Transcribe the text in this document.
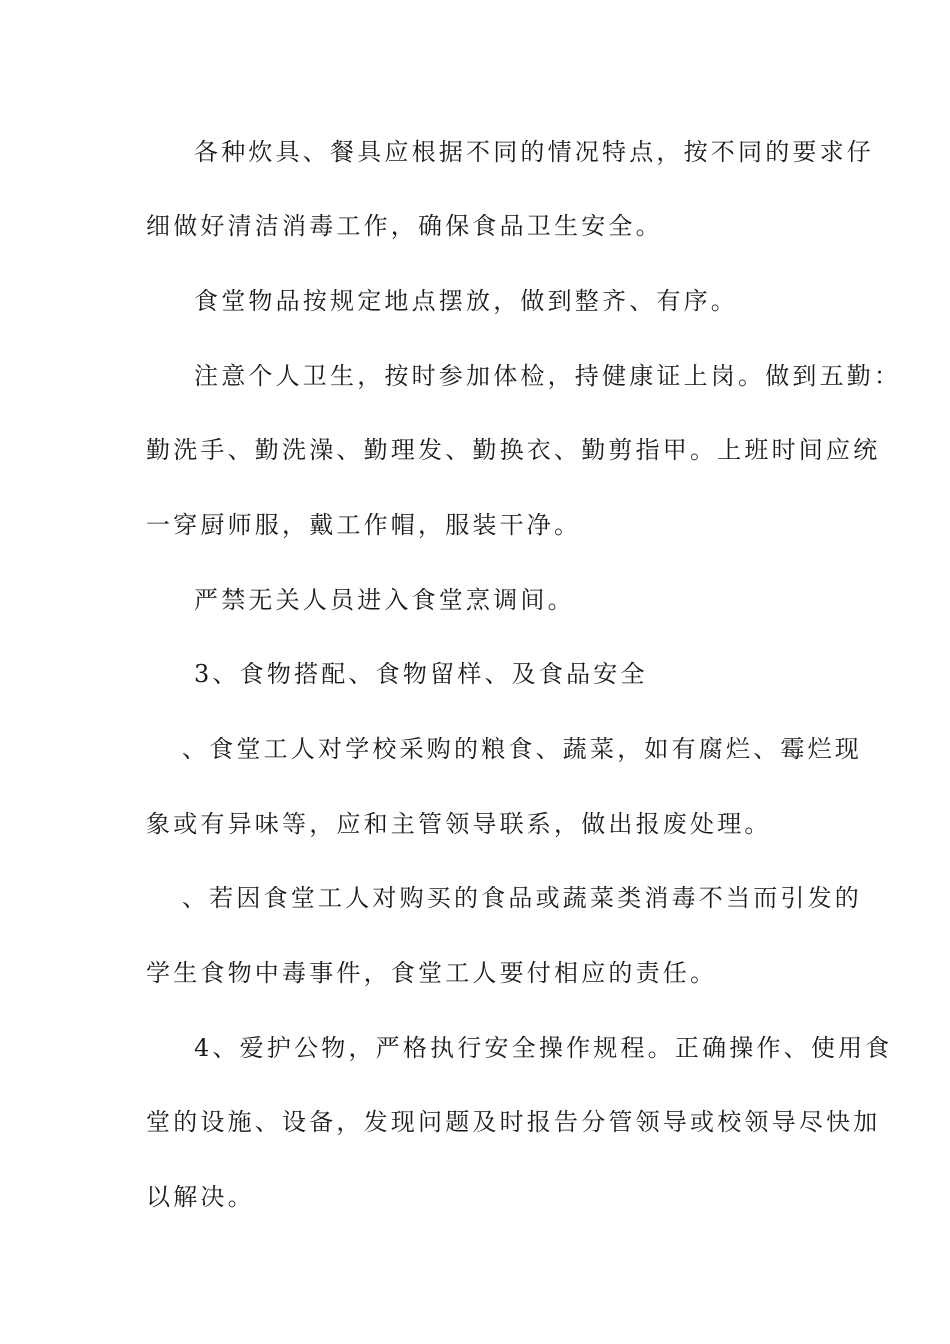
各种炊具、餐具应根据不同的情况特点，按不同的要求仔
细做好清洁消毒工作，确保食品卫生安全。
食堂物品按规定地点摆放，做到整齐、有序。
注意个人卫生，按时参加体检，持健康证上岗。做到五勤：
勤洗手、勤洗澡、勤理发、勤换衣、勤剪指甲。上班时间应统
一穿厨师服，戴工作帽，服装干净。
严禁无关人员进入食堂烹调间。
3、食物搭配、食物留样、及食品安全
、食堂工人对学校采购的粮食、蔬菜，如有腐烂、霉烂现
象或有异味等，应和主管领导联系，做出报废处理。
、若因食堂工人对购买的食品或蔬菜类消毒不当而引发的
学生食物中毒事件，食堂工人要付相应的责任。
4、爱护公物，严格执行安全操作规程。正确操作、使用食
堂的设施、设备，发现问题及时报告分管领导或校领导尽快加
以解决。
